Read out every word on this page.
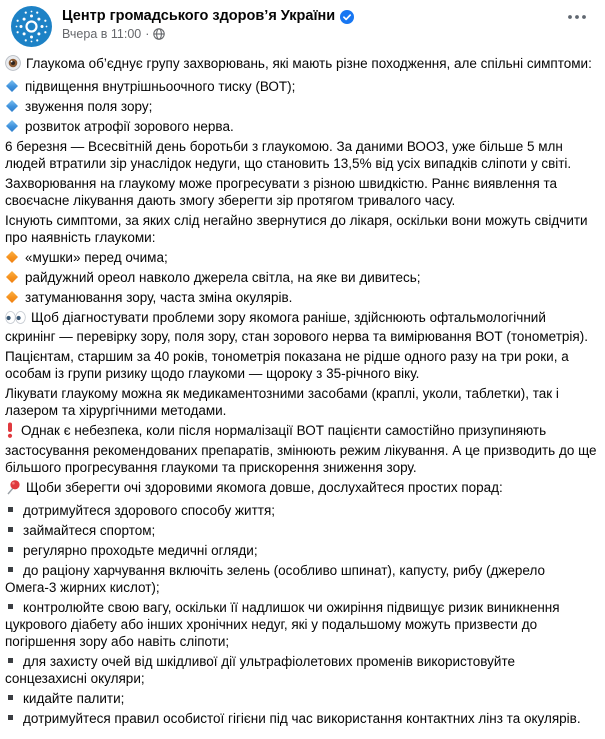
Центр громадського здоров’я України
Вчера в 11:00 ·

Глаукома об’єднує групу захворювань, які мають різне походження, але спільні симптоми:

підвищення внутрішньоочного тиску (ВОТ);

звуження поля зору;

розвиток атрофії зорового нерва.

6 березня — Всесвітній день боротьби з глаукомою. За даними ВООЗ, уже більше 5 млн людей втратили зір унаслідок недуги, що становить 13,5% від усіх випадків сліпоти у світі.

Захворювання на глаукому може прогресувати з різною швидкістю. Раннє виявлення та своєчасне лікування дають змогу зберегти зір протягом тривалого часу.

Існують симптоми, за яких слід негайно звернутися до лікаря, оскільки вони можуть свідчити про наявність глаукоми:

«мушки» перед очима;

райдужний ореол навколо джерела світла, на яке ви дивитесь;

затуманювання зору, часта зміна окулярів.

Щоб діагностувати проблеми зору якомога раніше, здійснюють офтальмологічний скринінг — перевірку зору, поля зору, стан зорового нерва та вимірювання ВОТ (тонометрія).

Пацієнтам, старшим за 40 років, тонометрія показана не рідше одного разу на три роки, а особам із групи ризику щодо глаукоми — щороку з 35-річного віку.

Лікувати глаукому можна як медикаментозними засобами (краплі, уколи, таблетки), так і лазером та хірургічними методами.

Однак є небезпека, коли після нормалізації ВОТ пацієнти самостійно призупиняють застосування рекомендованих препаратів, змінюють режим лікування. А це призводить до ще більшого прогресування глаукоми та прискорення зниження зору.

Щоби зберегти очі здоровими якомога довше, дослухайтеся простих порад:

дотримуйтеся здорового способу життя;

займайтеся спортом;

регулярно проходьте медичні огляди;

до раціону харчування включіть зелень (особливо шпинат), капусту, рибу (джерело Омега-3 жирних кислот);

контролюйте свою вагу, оскільки її надлишок чи ожиріння підвищує ризик виникнення цукрового діабету або інших хронічних недуг, які у подальшому можуть призвести до погіршення зору або навіть сліпоти;

для захисту очей від шкідливої дії ультрафіолетових променів використовуйте сонцезахисні окуляри;

кидайте палити;

дотримуйтеся правил особистої гігієни під час використання контактних лінз та окулярів.
